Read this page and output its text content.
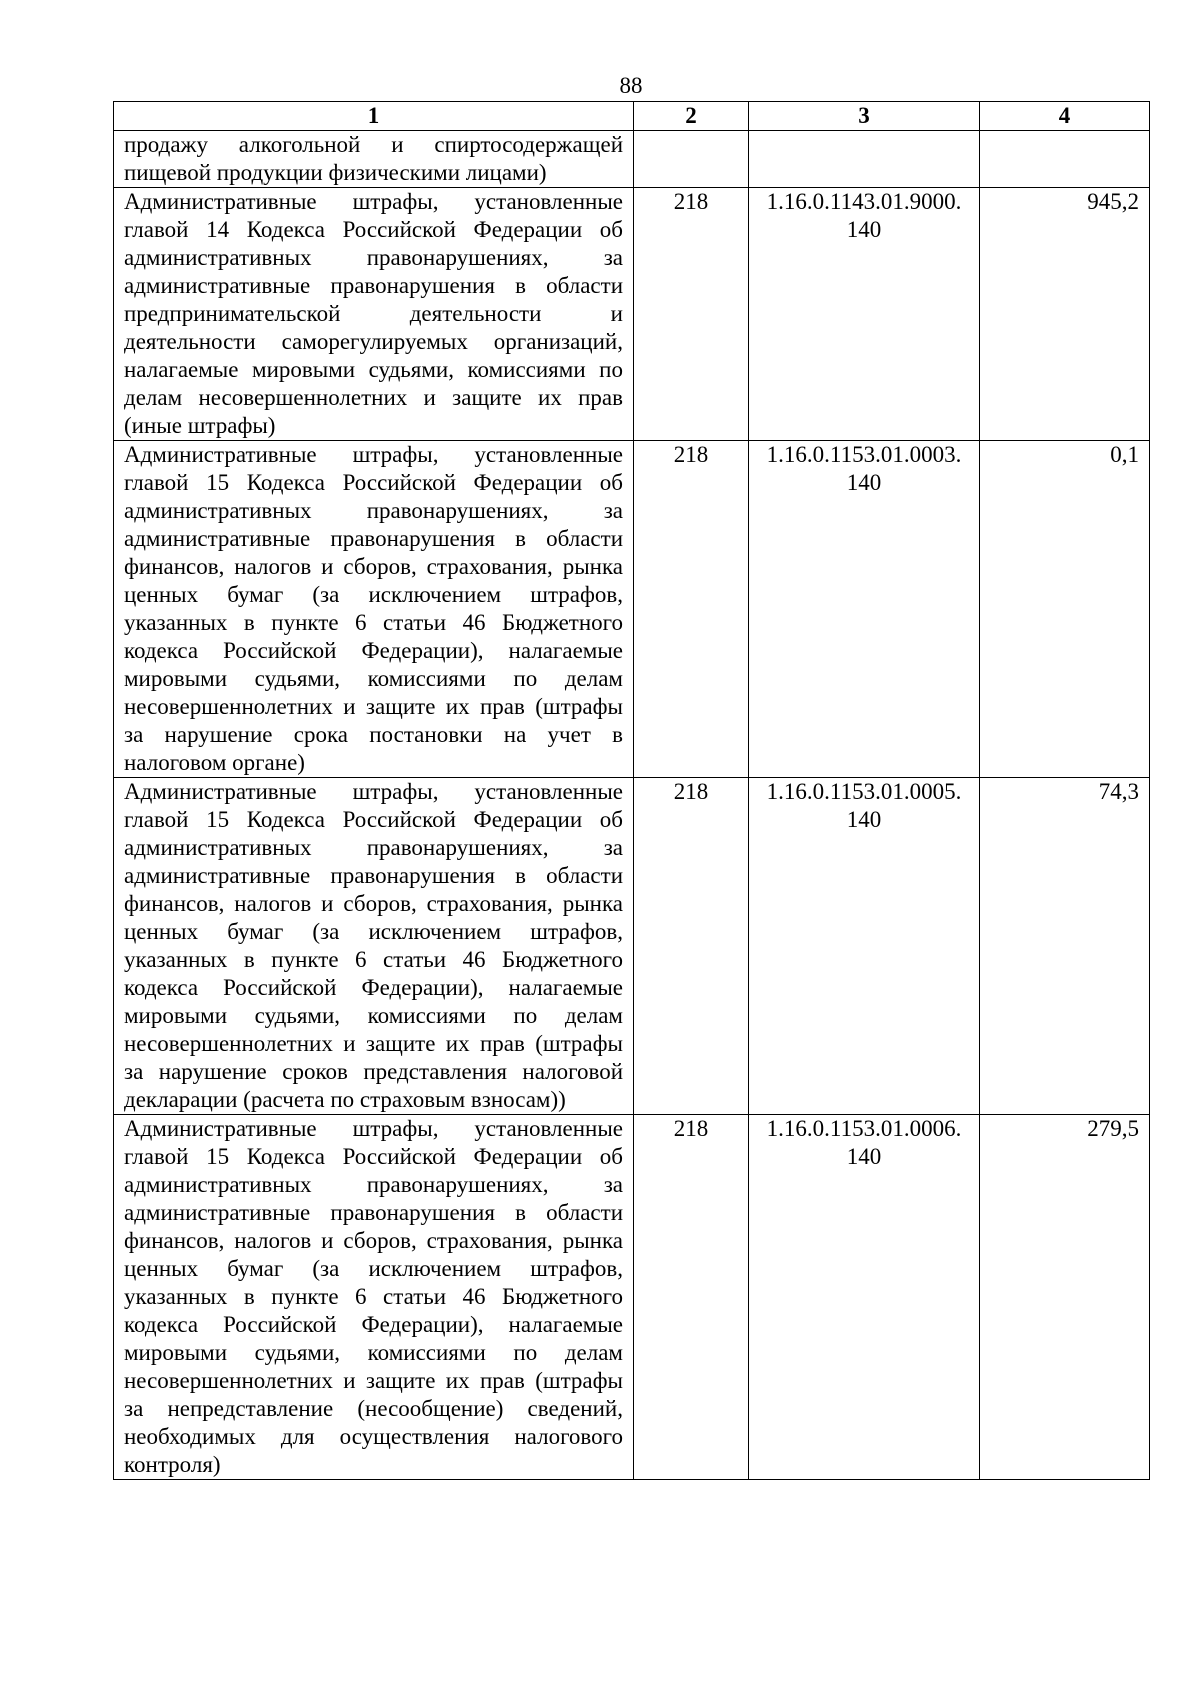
88
1	2	3	4
продажу алкогольной и спиртосодержащей пищевой продукции физическими лицами)			
Административные штрафы, установленные главой 14 Кодекса Российской Федерации об административных правонарушениях, за административные правонарушения в области предпринимательской деятельности и деятельности саморегулируемых организаций, налагаемые мировыми судьями, комиссиями по делам несовершеннолетних и защите их прав (иные штрафы)	218	1.16.0.1143.01.9000. 140	945,2
Административные штрафы, установленные главой 15 Кодекса Российской Федерации об административных правонарушениях, за административные правонарушения в области финансов, налогов и сборов, страхования, рынка ценных бумаг (за исключением штрафов, указанных в пункте 6 статьи 46 Бюджетного кодекса Российской Федерации), налагаемые мировыми судьями, комиссиями по делам несовершеннолетних и защите их прав (штрафы за нарушение срока постановки на учет в налоговом органе)	218	1.16.0.1153.01.0003. 140	0,1
Административные штрафы, установленные главой 15 Кодекса Российской Федерации об административных правонарушениях, за административные правонарушения в области финансов, налогов и сборов, страхования, рынка ценных бумаг (за исключением штрафов, указанных в пункте 6 статьи 46 Бюджетного кодекса Российской Федерации), налагаемые мировыми судьями, комиссиями по делам несовершеннолетних и защите их прав (штрафы за нарушение сроков представления налоговой декларации (расчета по страховым взносам))	218	1.16.0.1153.01.0005. 140	74,3
Административные штрафы, установленные главой 15 Кодекса Российской Федерации об административных правонарушениях, за административные правонарушения в области финансов, налогов и сборов, страхования, рынка ценных бумаг (за исключением штрафов, указанных в пункте 6 статьи 46 Бюджетного кодекса Российской Федерации), налагаемые мировыми судьями, комиссиями по делам несовершеннолетних и защите их прав (штрафы за непредставление (несообщение) сведений, необходимых для осуществления налогового контроля)	218	1.16.0.1153.01.0006. 140	279,5
